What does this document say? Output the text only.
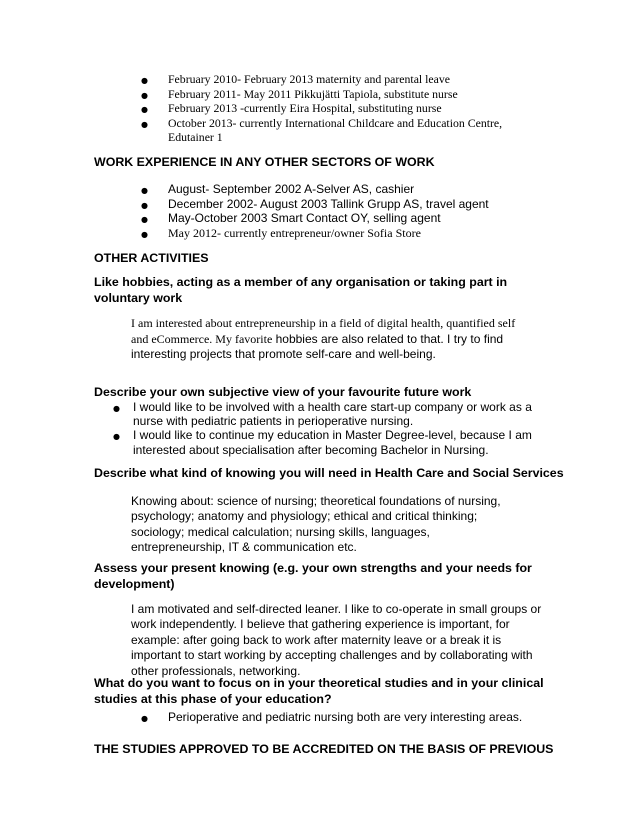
● February 2010- February 2013 maternity and parental leave
● February 2011- May 2011 Pikkujätti Tapiola, substitute nurse
● February 2013 -currently Eira Hospital, substituting nurse
● October 2013- currently International Childcare and Education Centre, Edutainer 1
WORK EXPERIENCE IN ANY OTHER SECTORS OF WORK
● August- September 2002 A-Selver AS, cashier
● December 2002- August 2003 Tallink Grupp AS, travel agent
● May-October 2003 Smart Contact OY, selling agent
● May 2012- currently entrepreneur/owner Sofia Store
OTHER ACTIVITIES
Like hobbies, acting as a member of any organisation or taking part in voluntary work
I am interested about entrepreneurship in a field of digital health, quantified self and eCommerce. My favorite hobbies are also related to that. I try to find interesting projects that promote self-care and well-being.
Describe your own subjective view of your favourite future work
● I would like to be involved with a health care start-up company or work as a nurse with pediatric patients in perioperative nursing.
● I would like to continue my education in Master Degree-level, because I am interested about specialisation after becoming Bachelor in Nursing.
Describe what kind of knowing you will need in Health Care and Social Services
Knowing about: science of nursing; theoretical foundations of nursing, psychology; anatomy and physiology; ethical and critical thinking; sociology; medical calculation; nursing skills, languages, entrepreneurship, IT & communication etc.
Assess your present knowing (e.g. your own strengths and your needs for development)
I am motivated and self-directed leaner. I like to co-operate in small groups or work independently. I believe that gathering experience is important, for example: after going back to work after maternity leave or a break it is important to start working by accepting challenges and by collaborating with other professionals, networking.
What do you want to focus on in your theoretical studies and in your clinical studies at this phase of your education?
● Perioperative and pediatric nursing both are very interesting areas.
THE STUDIES APPROVED TO BE ACCREDITED ON THE BASIS OF PREVIOUS
